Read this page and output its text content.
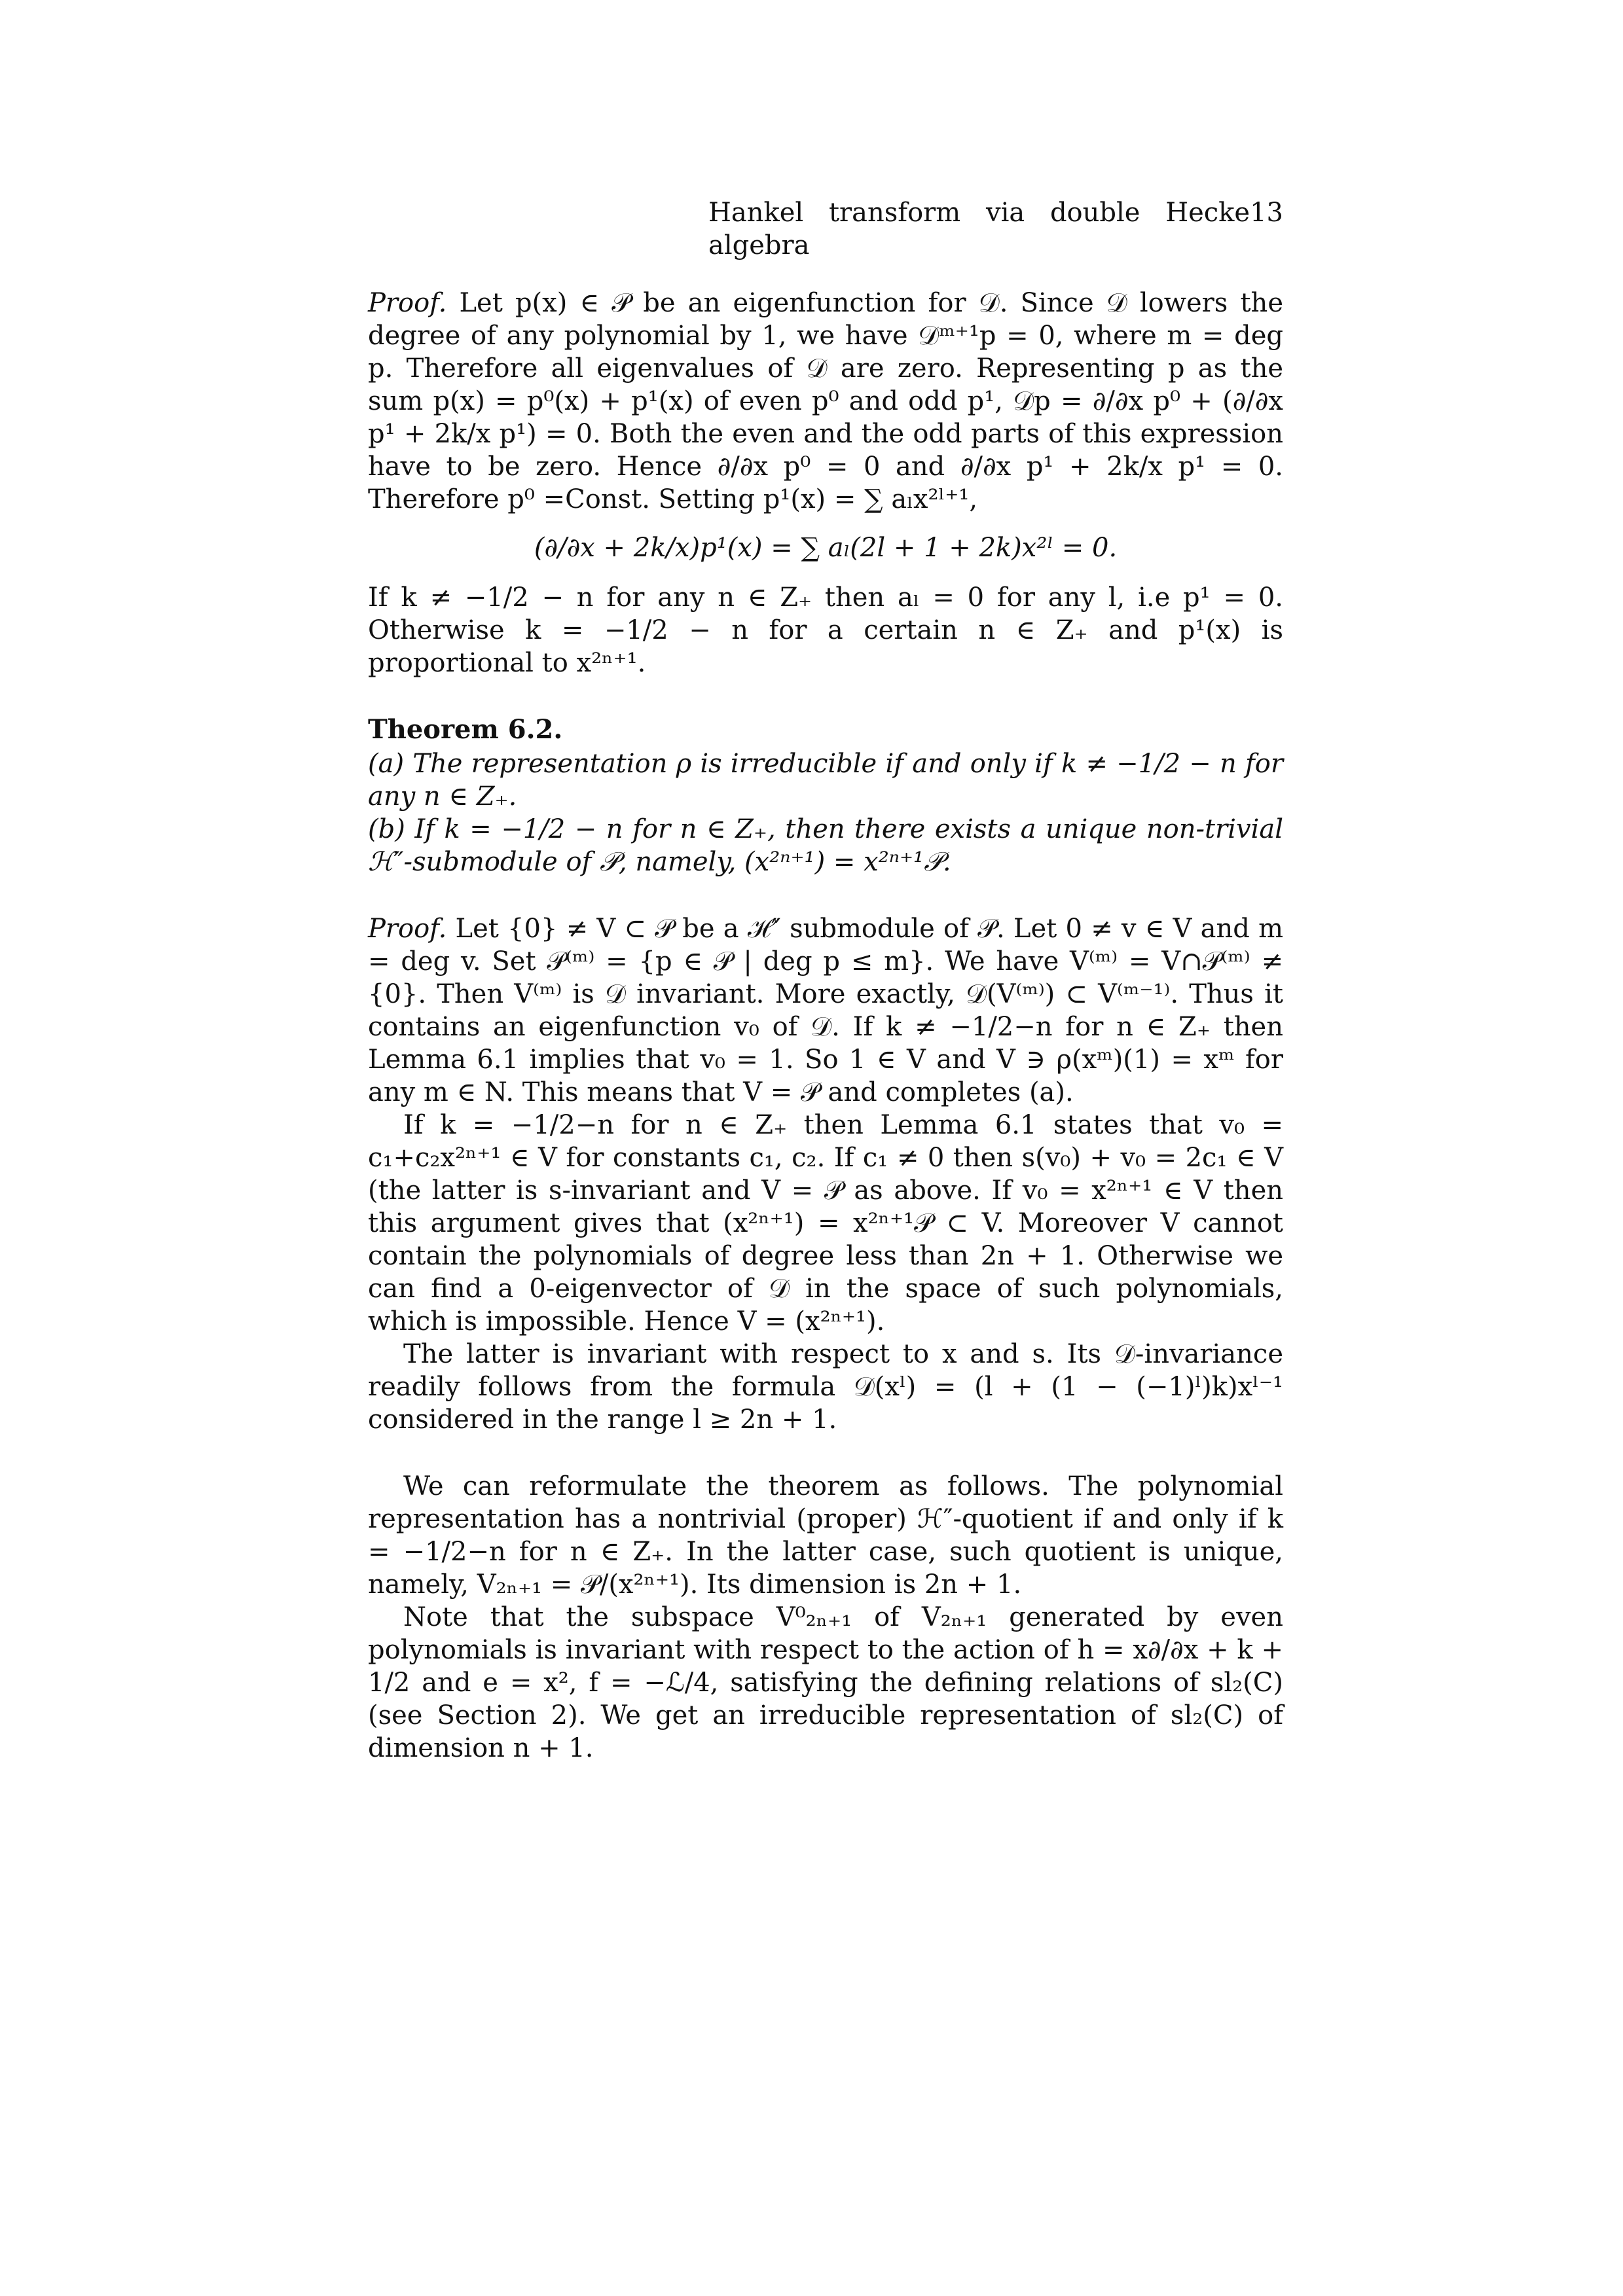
Hankel transform via double Hecke algebra
13

Proof. Let p(x) ∈ 𝒫 be an eigenfunction for 𝒟. Since 𝒟 lowers the degree of any polynomial by 1, we have 𝒟ᵐ⁺¹p = 0, where m = deg p. Therefore all eigenvalues of 𝒟 are zero. Representing p as the sum p(x) = p⁰(x) + p¹(x) of even p⁰ and odd p¹, 𝒟p = ∂/∂x p⁰ + (∂/∂x p¹ + 2k/x p¹) = 0. Both the even and the odd parts of this expression have to be zero. Hence ∂/∂x p⁰ = 0 and ∂/∂x p¹ + 2k/x p¹ = 0. Therefore p⁰ =Const. Setting p¹(x) = ∑ aₗx²ˡ⁺¹,

(∂/∂x + 2k/x)p¹(x) = ∑ aₗ(2l + 1 + 2k)x²ˡ = 0.

If k ≠ −1/2 − n for any n ∈ Z₊ then aₗ = 0 for any l, i.e p¹ = 0. Otherwise k = −1/2 − n for a certain n ∈ Z₊ and p¹(x) is proportional to x²ⁿ⁺¹.

Theorem 6.2.

(a) The representation ρ is irreducible if and only if k ≠ −1/2 − n for any n ∈ Z₊.

(b) If k = −1/2 − n for n ∈ Z₊, then there exists a unique non-trivial ℋ″-submodule of 𝒫, namely, (x²ⁿ⁺¹) = x²ⁿ⁺¹𝒫.

Proof. Let {0} ≠ V ⊂ 𝒫 be a ℋ″ submodule of 𝒫. Let 0 ≠ v ∈ V and m = deg v. Set 𝒫⁽ᵐ⁾ = {p ∈ 𝒫 | deg p ≤ m}. We have V⁽ᵐ⁾ = V∩𝒫⁽ᵐ⁾ ≠ {0}. Then V⁽ᵐ⁾ is 𝒟 invariant. More exactly, 𝒟(V⁽ᵐ⁾) ⊂ V⁽ᵐ⁻¹⁾. Thus it contains an eigenfunction v₀ of 𝒟. If k ≠ −1/2−n for n ∈ Z₊ then Lemma 6.1 implies that v₀ = 1. So 1 ∈ V and V ∋ ρ(xᵐ)(1) = xᵐ for any m ∈ N. This means that V = 𝒫 and completes (a).

If k = −1/2−n for n ∈ Z₊ then Lemma 6.1 states that v₀ = c₁+c₂x²ⁿ⁺¹ ∈ V for constants c₁, c₂. If c₁ ≠ 0 then s(v₀) + v₀ = 2c₁ ∈ V (the latter is s-invariant and V = 𝒫 as above. If v₀ = x²ⁿ⁺¹ ∈ V then this argument gives that (x²ⁿ⁺¹) = x²ⁿ⁺¹𝒫 ⊂ V. Moreover V cannot contain the polynomials of degree less than 2n + 1. Otherwise we can find a 0-eigenvector of 𝒟 in the space of such polynomials, which is impossible. Hence V = (x²ⁿ⁺¹).

The latter is invariant with respect to x and s. Its 𝒟-invariance readily follows from the formula 𝒟(xˡ) = (l + (1 − (−1)ˡ)k)xˡ⁻¹ considered in the range l ≥ 2n + 1.

We can reformulate the theorem as follows. The polynomial representation has a nontrivial (proper) ℋ″-quotient if and only if k = −1/2−n for n ∈ Z₊. In the latter case, such quotient is unique, namely, V₂ₙ₊₁ = 𝒫/(x²ⁿ⁺¹). Its dimension is 2n + 1.

Note that the subspace V⁰₂ₙ₊₁ of V₂ₙ₊₁ generated by even polynomials is invariant with respect to the action of h = x∂/∂x + k + 1/2 and e = x², f = −ℒ/4, satisfying the defining relations of sl₂(C) (see Section 2). We get an irreducible representation of sl₂(C) of dimension n + 1.
